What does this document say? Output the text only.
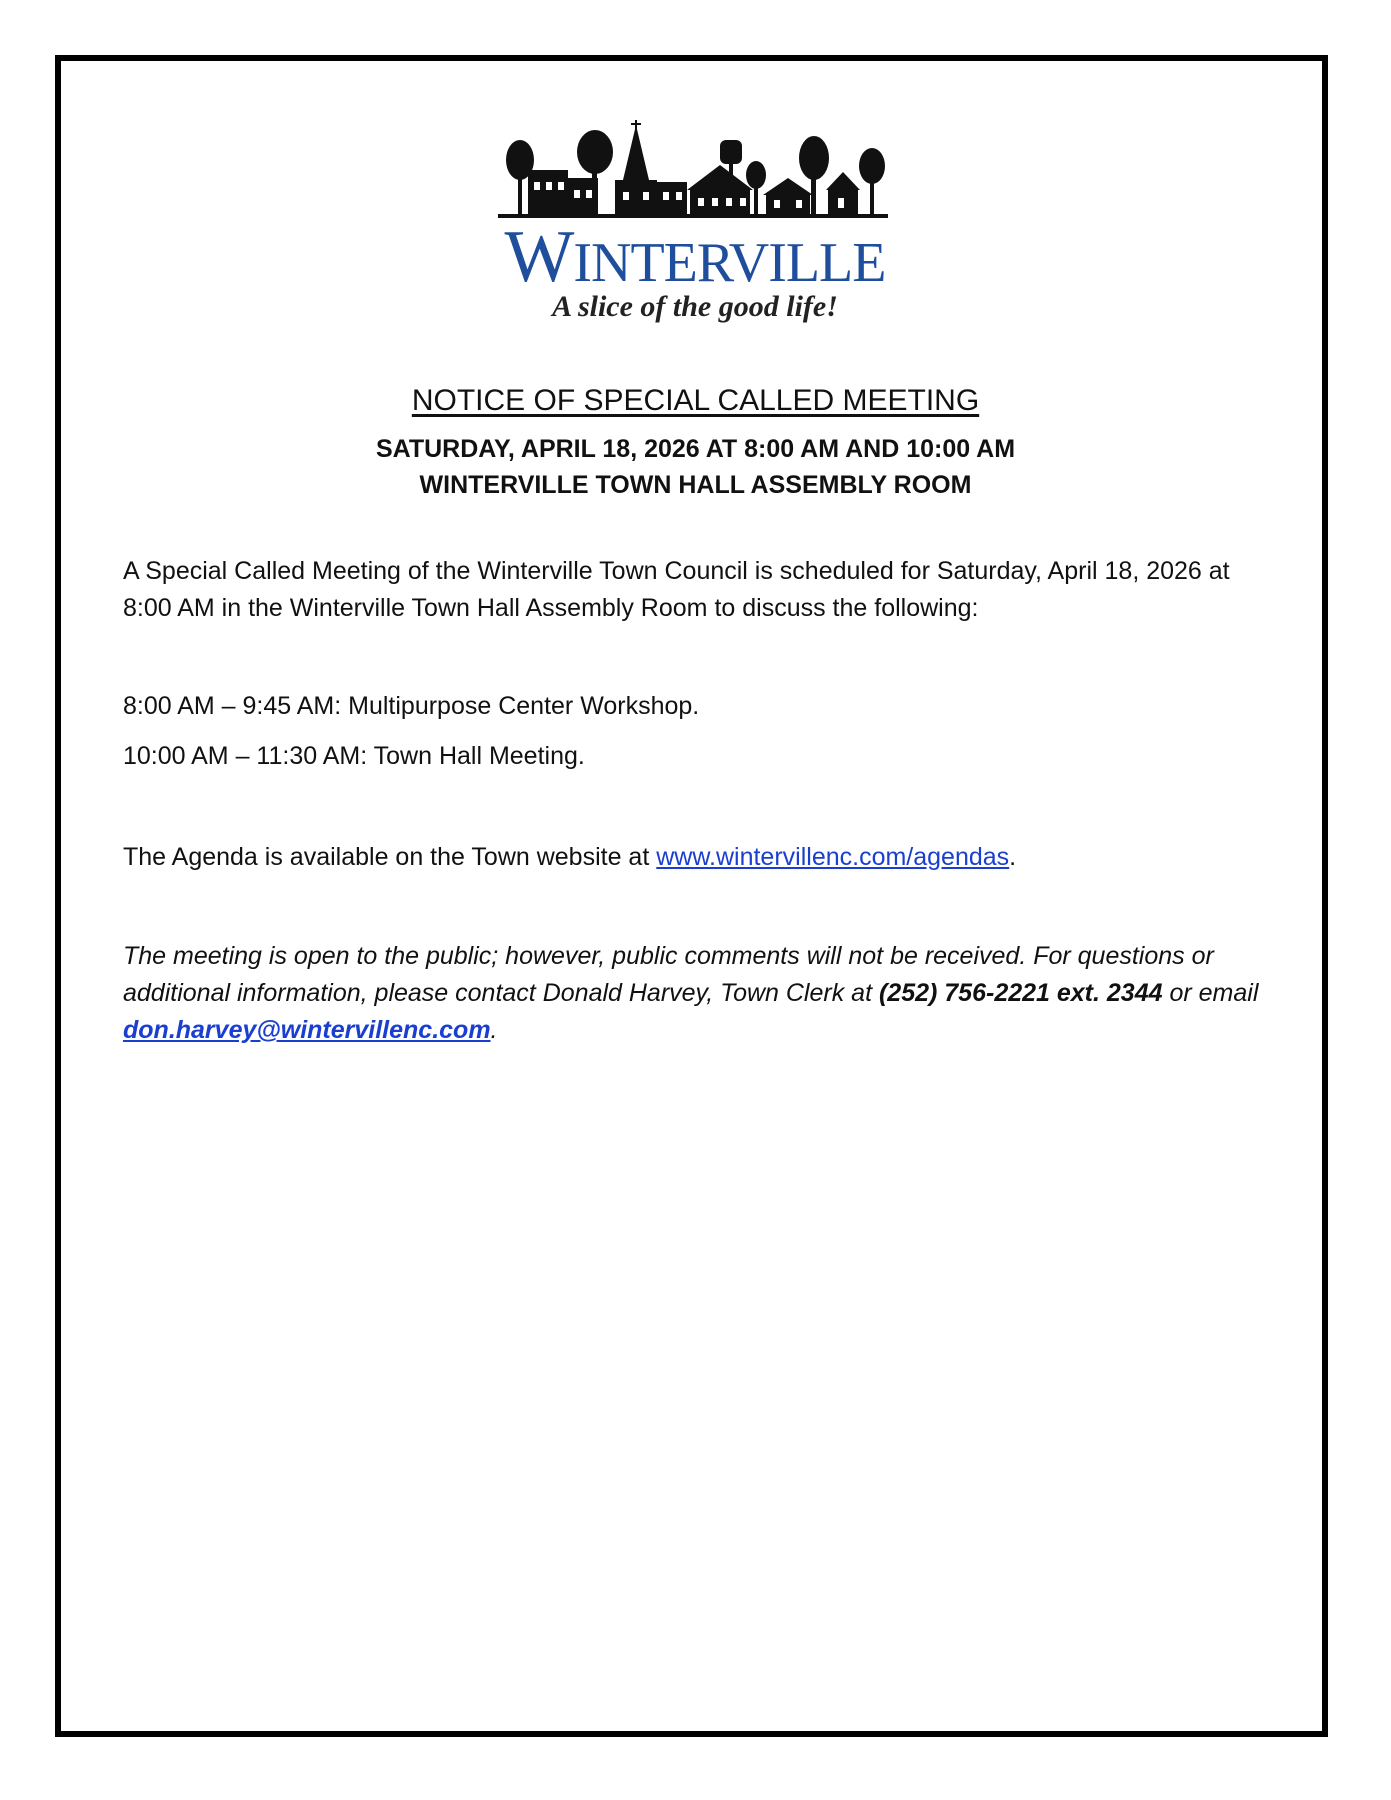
WINTERVILLE
A slice of the good life!
NOTICE OF SPECIAL CALLED MEETING
SATURDAY, APRIL 18, 2026 AT 8:00 AM AND 10:00 AM
WINTERVILLE TOWN HALL ASSEMBLY ROOM
A Special Called Meeting of the Winterville Town Council is scheduled for Saturday, April 18, 2026 at 8:00 AM in the Winterville Town Hall Assembly Room to discuss the following:
8:00 AM – 9:45 AM: Multipurpose Center Workshop.
10:00 AM – 11:30 AM: Town Hall Meeting.
The Agenda is available on the Town website at www.wintervillenc.com/agendas.
The meeting is open to the public; however, public comments will not be received. For questions or additional information, please contact Donald Harvey, Town Clerk at (252) 756-2221 ext. 2344 or email don.harvey@wintervillenc.com.
